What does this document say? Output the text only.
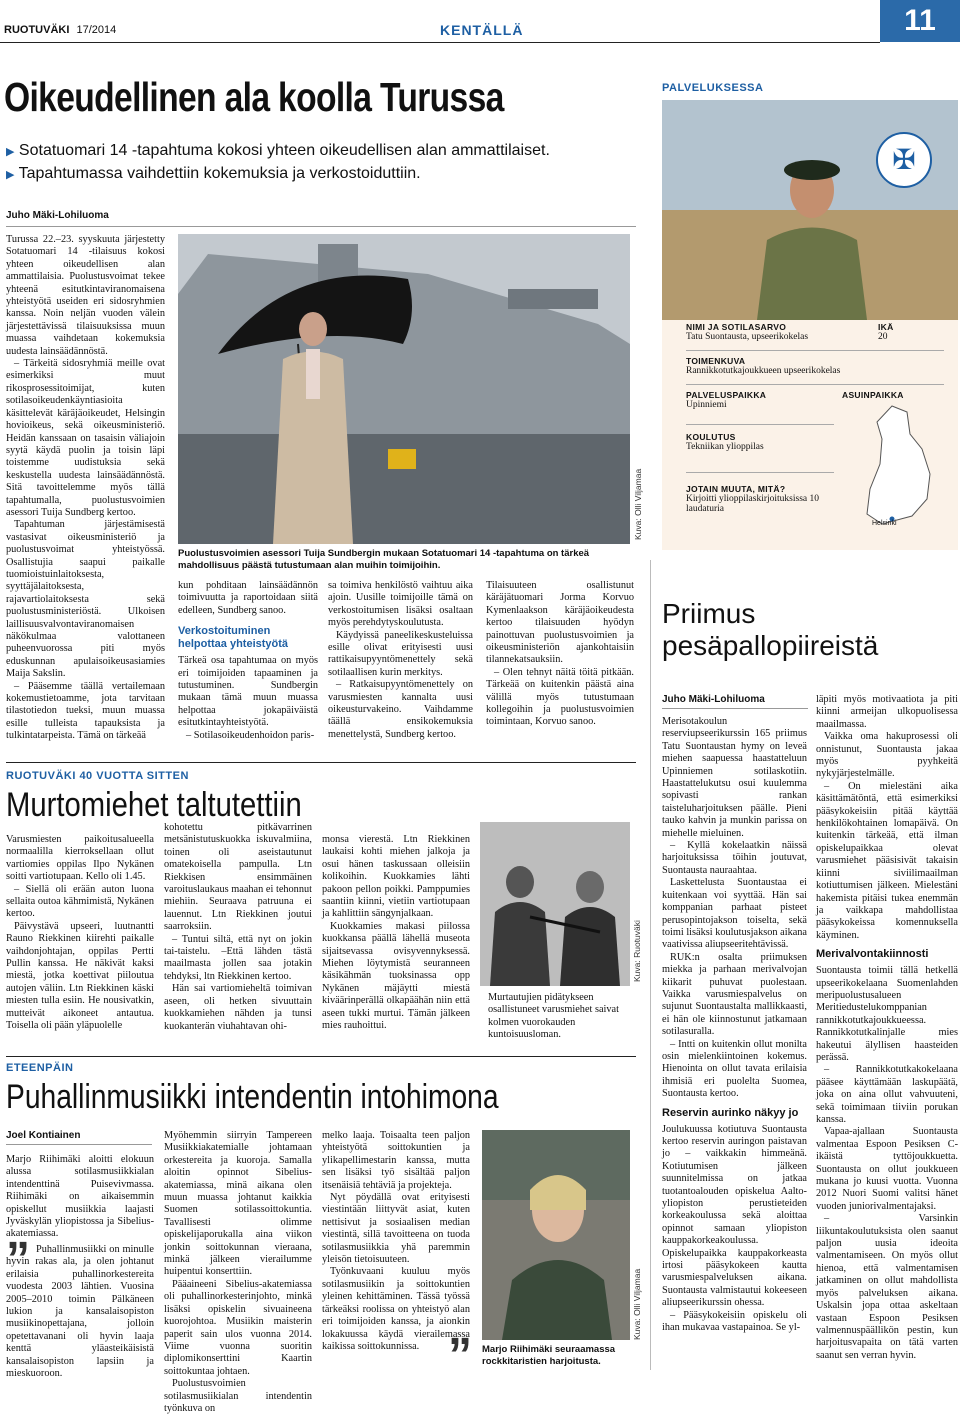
RUOTUVÄKI 17/2014	KENTÄLLÄ	11
Oikeudellinen ala koolla Turussa
▶ Sotatuomari 14 -tapahtuma kokosi yhteen oikeudellisen alan ammattilaiset.
▶ Tapahtumassa vaihdettiin kokemuksia ja verkostoiduttiin.
Juho Mäki-Lohiluoma

Turussa 22.–23. syyskuuta järjestetty Sotatuomari 14 -tilaisuus kokosi yhteen oikeudellisen alan ammattilaisia. Puolustusvoimat tekee yhteenä esitutkintaviranomaisena yhteistyötä useiden eri sidosryhmien kanssa. Noin neljän vuoden välein järjestettävissä tilaisuuksissa muun muassa vaihdetaan kokemuksia uudesta lainsäädännöstä.

– Tärkeitä sidosryhmiä meille ovat esimerkiksi muut rikosprosessitoimijat, kuten sotilasoikeudenkäyntiasioita käsittelevät käräjäoikeudet, Helsingin hovioikeus, sekä oikeusministeriö. Heidän kanssaan on tasaisin väliajoin syytä käydä puolin ja toisin läpi toistemme uudistuksia sekä keskustella uudesta lainsäädännöstä. Sitä tavoittelemme myös tällä tapahtumalla, puolustusvoimien asessori Tuija Sundberg kertoo.

Tapahtuman järjestämisestä vastasivat oikeusministeriö ja puolustusvoimat yhteistyössä. Osallistujia saapui paikalle tuomioistuinlaitoksesta, syyttäjälaitoksesta, rajavartiolaitoksesta sekä puolustusministeriöstä. Ulkoisen laillisuusvalvontaviranomaisen näkökulmaa valottaneen puheenvuorossa piti myös eduskunnan apulaisoikeusasiamies Maija Sakslin.

– Pääsemme täällä vertailemaan kokemustietoamme, jota tarvitaan tilastotiedon tueksi, muun muassa esille tulleista tapauksista ja tulkintatarpeista. Tämä on tärkeää

Kuva: Olli Viljamaa
Puolustusvoimien asessori Tuija Sundbergin mukaan Sotatuomari 14 -tapahtuma on tärkeä mahdollisuus päästä tutustumaan alan muihin toimijoihin.

kun pohditaan lainsäädännön toimivuutta ja raportoidaan siitä edelleen, Sundberg sanoo.

Verkostoituminen helpottaa yhteistyötä

Tärkeä osa tapahtumaa on myös eri toimijoiden tapaaminen ja tutustuminen. Sundbergin mukaan tämä muun muassa helpottaa jokapäiväistä esitutkintayhteistyötä.

– Sotilasoikeudenhoidon paris-

sa toimiva henkilöstö vaihtuu aika ajoin. Uusille toimijoille tämä on verkostoitumisen lisäksi osaltaan myös perehdytyskoulutusta.

Käydyissä paneelikeskusteluissa esille olivat erityisesti uusi rattikaisupyyntömenettely sekä sotilaallisen kurin merkitys.

– Ratkaisupyyntömenettely on varusmiesten kannalta uusi oikeusturvakeino. Vaihdamme täällä ensikokemuksia menettelystä, Sundberg kertoo.

Tilaisuuteen osallistunut käräjätuomari Jorma Korvuo Kymenlaakson käräjäoikeudesta kertoo tilaisuuden hyödyn painottuvan puolustusvoimien ja oikeusministeriön ajankohtaisiin tilannekatsauksiin.

– Olen tehnyt näitä töitä pitkään. Tärkeää on kuitenkin päästä aina välillä myös tutustumaan kollegoihin ja puolustusvoimien toimintaan, Korvuo sanoo.

PALVELUKSESSA
✠
NIMI JA SOTILASARVO
Tatu Suontausta, upseerikokelas
IKÄ
20
TOIMENKUVA
Rannikkotutkajoukkueen upseerikokelas
PALVELUSPAIKKA
Upinniemi
ASUINPAIKKA
KOULUTUS
Tekniikan ylioppilas
JOTAIN MUUTA, MITÄ?
Kirjoitti ylioppilaskirjoituksissa 10 laudaturia
Helsinki
Priimus pesäpallopiireistä
Juho Mäki-Lohiluoma

Merisotakoulun reserviupseerikurssin 165 priimus Tatu Suontaustan hymy on leveä miehen saapuessa haastatteluun Upinniemen sotilaskotiin. Haastattelukutsu osui kuulemma sopivasti rankan taisteluharjoituksen päälle. Pieni tauko kahvin ja munkin parissa on miehelle mieluinen.

– Kyllä kokelaatkin näissä harjoituksissa töihin joutuvat, Suontausta nauraahtaa.

Laskettelusta Suontaustaa ei kuitenkaan voi syyttää. Hän sai komppanian parhaat pisteet perusopintojakson toiselta, sekä toimi lisäksi koulutusjakson aikana vaativissa aliupseeritehtävissä.

RUK:n osalta priimuksen miekka ja parhaan merivalvojan kiikarit puhuvat puolestaan. Vaikka varusmiespalvelus on sujunut Suontaustalta mallikkaasti, ei hän ole kiinnostunut jatkamaan sotilasuralla.

– Intti on kuitenkin ollut monilta osin mielenkiintoinen kokemus. Hienointa on ollut tavata erilaisia ihmisiä eri puolelta Suomea, Suontausta kertoo.

Reservin aurinko näkyy jo

Joulukuussa kotiutuva Suontausta kertoo reservin auringon paistavan jo – vaikkakin himmeänä. Kotiutumisen jälkeen suunnitelmissa on jatkaa tuotantoalouden opiskelua Aalto-yliopiston perustieteiden korkeakoulussa sekä aloittaa opinnot samaan yliopiston kauppakorkeakoulussa. Opiskelupaikka kauppakorkeasta irtosi pääsykokeen kautta varusmiespalveluksen aikana. Suontausta valmistautui kokeeseen aliupseerikurssin ohessa.

– Pääsykokeisiin opiskelu oli ihan mukavaa vastapainoa. Se yl-

läpiti myös motivaatiota ja piti kiinni armeijan ulkopuolisessa maailmassa.

Vaikka oma hakuprosessi oli onnistunut, Suontausta jakaa myös pyyhkeitä nykyjärjestelmälle.

– On mielestäni aika käsittämätöntä, että esimerkiksi pääsykokeisiin pitää käyttää henkilökohtainen lomapäivä. On kuitenkin tärkeää, että ilman opiskelupaikkaa olevat varusmiehet pääsisivät takaisin kiinni siviilimaailman kotiuttumisen jälkeen. Mielestäni hakemista pitäisi tukea enemmän ja vaikkapa mahdollistaa pääsykokeissa komennuksella käyminen.

Merivalvontakiinnosti

Suontausta toimii tällä hetkellä upseerikokelaana Suomenlahden meripuolustusalueen Meritiedustelukomppanian rannikkotutkajoukkueessa. Rannikkotutkalinjalle mies hakeutui älyllisen haasteiden perässä.

– Rannikkotutkakokelaana pääsee käyttämään laskupäätä, joka on aina ollut vahvuuteni, sekä toimimaan tiiviin porukan kanssa.

Vapaa-ajallaan Suontausta valmentaa Espoon Pesiksen C-ikäistä tyttöjoukkuetta. Suontausta on ollut joukkueen mukana jo kuusi vuotta. Vuonna 2012 Nuori Suomi valitsi hänet vuoden juniorivalmentajaksi.

– Varsinkin liikuntakoulutuksista olen saanut paljon uusia ideoita valmentamiseen. On myös ollut hienoa, että valmentamisen jatkaminen on ollut mahdollista myös palveluksen aikana. Uskalsin jopa ottaa askeltaan vastaan Espoon Pesiksen valmennuspäällikön pestin, kun harjoitusvapaita on tätä varten saanut sen verran hyvin.

RUOTUVÄKI 40 VUOTTA SITTEN
Murtomiehet taltutettiin

Varusmiesten paikoitusalueella normaalilla kierroksellaan ollut vartiomies oppilas Ilpo Nykänen soitti vartiotupaan. Kello oli 1.45.

– Siellä oli erään auton luona sellaita outoa kähmimistä, Nykänen kertoo.

Päivystävä upseeri, luutnantti Rauno Riekkinen kiirehti paikalle vaihdonjohtajan, oppilas Pertti Pullin kanssa. He näkivät kaksi miestä, jotka koettivat piiloutua autojen väliin. Ltn Riekkinen käski miesten tulla esiin. He nousivatkin, mutteivät aikoneet antautua. Toisella oli pään yläpuolelle

kohotettu pitkävarrinen metsänistutuskuokka iskuvalmiina, toinen oli aseistautunut omatekoisella pampulla. Ltn Riekkisen ensimmäinen varoituslaukaus maahan ei tehonnut miehiin. Seuraava patruuna ei lauennut. Ltn Riekkinen joutui saarroksiin.

– Tuntui siltä, että nyt on jokin tai-taistelu. –Että lähden tästä maailmasta jollen saa jotakin tehdyksi, ltn Riekkinen kertoo.

Hän sai vartiomieheltä toimivan aseen, oli hetken sivuuttain kuokkamiehen nähden ja tunsi kuokanterän viuhahtavan ohi-

monsa vierestä. Ltn Riekkinen laukaisi kohti miehen jalkoja ja osui hänen taskussaan olleisiin kolikoihin. Kuokkamies lähti pakoon pellon poikki. Pamppumies saantiin kiinni, vietiin vartiotupaan ja kahlittiin sängynjalkaan.

Kuokkamies makasi piilossa kuokkansa päällä lähellä museota sijaitsevassa ovisyvennyksessä. Miehen löytymistä seuranneen käsikähmän tuoksinassa opp Nykänen mäjäytti miestä kiväärinperällä olkapäähän niin että aseen tukki murtui. Tämän jälkeen mies rauhoittui.

Kuva: Ruotuväki
Murtautujien pidätykseen osallistuneet varusmiehet saivat kolmen vuorokauden kuntoisuusloman.
ETEENPÄIN
Puhallinmusiikki intendentin intohimona
Joel Kontiainen

Marjo Riihimäki aloitti elokuun alussa sotilasmusiikkialan intendenttinä Puisevivmassa. Riihimäki on aikaisemmin opiskellut musiikkia laajasti Jyväskylän yliopistossa ja Sibelius-akatemiassa.

” Puhallinmusiikki on minulle hyvin rakas ala, ja olen johtanut erilaisia puhallinorkestereita vuodesta 2003 lähtien. Vuosina 2005–2010 toimin Pälkäneen lukion ja kansalaisopiston musiikinopettajana, jolloin opetettavanani oli hyvin laaja kenttä yläasteikäisistä kansalaisopiston lapsiin ja mieskuoroon.

Myöhemmin siirryin Tampereen Musiikkiakatemialle johtamaan orkestereita ja kuoroja. Samalla aloitin opinnot Sibelius-akatemiassa, minä aikana olen muun muassa johtanut kaikkia Suomen sotilassoittokuntia. Tavallisesti olimme opiskelijaporukalla aina viikon jonkin soittokunnan vieraana, minkä jälkeen vierailumme huipentui konserttiin.

Pääaineeni Sibelius-akatemiassa oli puhallinorkesterinjohto, minkä lisäksi opiskelin sivuaineena kuorojohtoa. Musiikin maisterin paperit sain ulos vuonna 2014. Viime vuonna suoritin diplomikonserttini Kaartin soittokuntaa johtaen.

Puolustusvoimien sotilasmusiikialan intendentin työnkuva on

melko laaja. Toisaalta teen paljon yhteistyötä soittokuntien ja ylikapellimestarin kanssa, mutta sen lisäksi työ sisältää paljon itsenäisiä tehtäviä ja projekteja.

Nyt pöydällä ovat erityisesti viestintään liittyvät asiat, kuten nettisivut ja sosiaalisen median viestintä, sillä tavoitteena on tuoda sotilasmusiikkia yhä paremmin yleisön tietoisuuteen.

Työnkuvaani kuuluu myös sotilasmusiikin ja soittokuntien yleinen kehittäminen. Tässä työssä tärkeäksi roolissa on yhteistyö alan eri toimijoiden kanssa, ja aionkin lokakuussa käydä vierailemassa kaikissa soittokunnissa. ”
Kuva: Olli Viljamaa
Marjo Riihimäki seuraamassa rockkitaristien harjoitusta.
